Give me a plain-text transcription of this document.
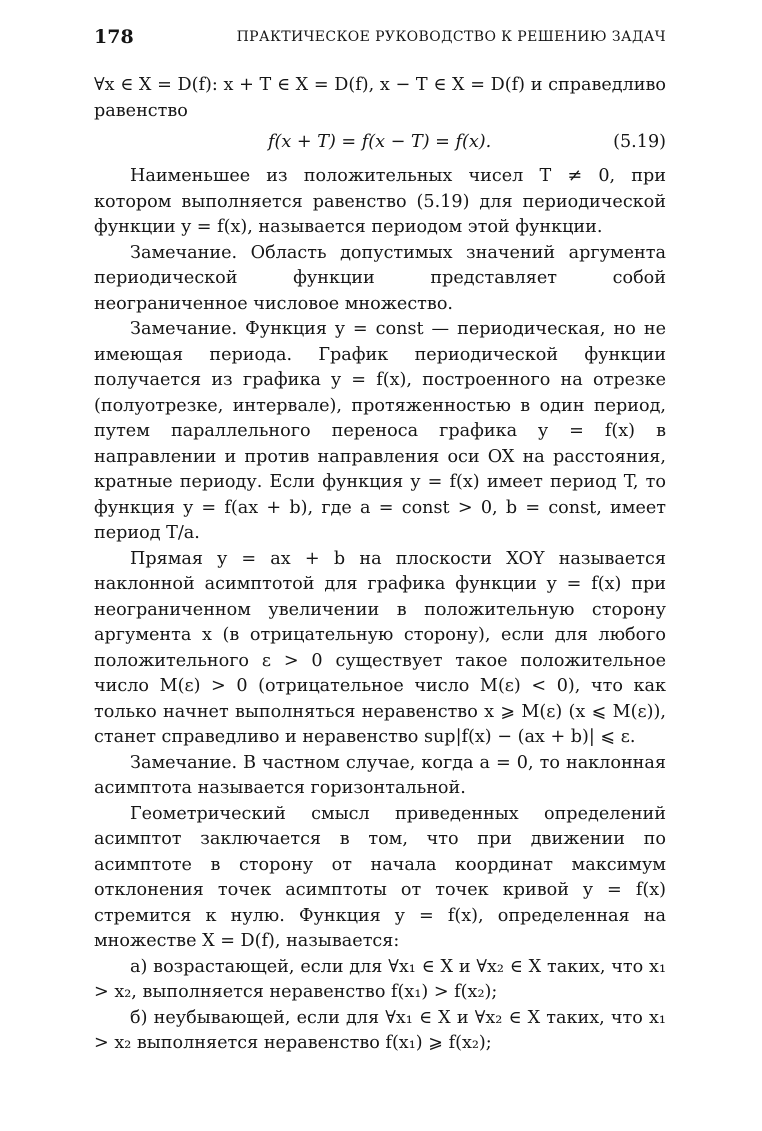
178	ПРАКТИЧЕСКОЕ РУКОВОДСТВО К РЕШЕНИЮ ЗАДАЧ

∀x ∈ X = D(f): x + T ∈ X = D(f), x − T ∈ X = D(f) и справедливо равенство

f(x + T) = f(x − T) = f(x).	(5.19)

Наименьшее из положительных чисел T ≠ 0, при котором выполняется равенство (5.19) для периодической функции y = f(x), называется периодом этой функции.

Замечание. Область допустимых значений аргумента периодической функции представляет собой неограниченное числовое множество.

Замечание. Функция y = const — периодическая, но не имеющая периода. График периодической функции получается из графика y = f(x), построенного на отрезке (полуотрезке, интервале), протяженностью в один период, путем параллельного переноса графика y = f(x) в направлении и против направления оси OX на расстояния, кратные периоду. Если функция y = f(x) имеет период T, то функция y = f(ax + b), где a = const > 0, b = const, имеет период T/a.

Прямая y = ax + b на плоскости XOY называется наклонной асимптотой для графика функции y = f(x) при неограниченном увеличении в положительную сторону аргумента x (в отрицательную сторону), если для любого положительного ε > 0 существует такое положительное число M(ε) > 0 (отрицательное число M(ε) < 0), что как только начнет выполняться неравенство x ⩾ M(ε) (x ⩽ M(ε)), станет справедливо и неравенство sup|f(x) − (ax + b)| ⩽ ε.

Замечание. В частном случае, когда a = 0, то наклонная асимптота называется горизонтальной.

Геометрический смысл приведенных определений асимптот заключается в том, что при движении по асимптоте в сторону от начала координат максимум отклонения точек асимптоты от точек кривой y = f(x) стремится к нулю. Функция y = f(x), определенная на множестве X = D(f), называется:

а) возрастающей, если для ∀x₁ ∈ X и ∀x₂ ∈ X таких, что x₁ > x₂, выполняется неравенство f(x₁) > f(x₂);

б) неубывающей, если для ∀x₁ ∈ X и ∀x₂ ∈ X таких, что x₁ > x₂ выполняется неравенство f(x₁) ⩾ f(x₂);
